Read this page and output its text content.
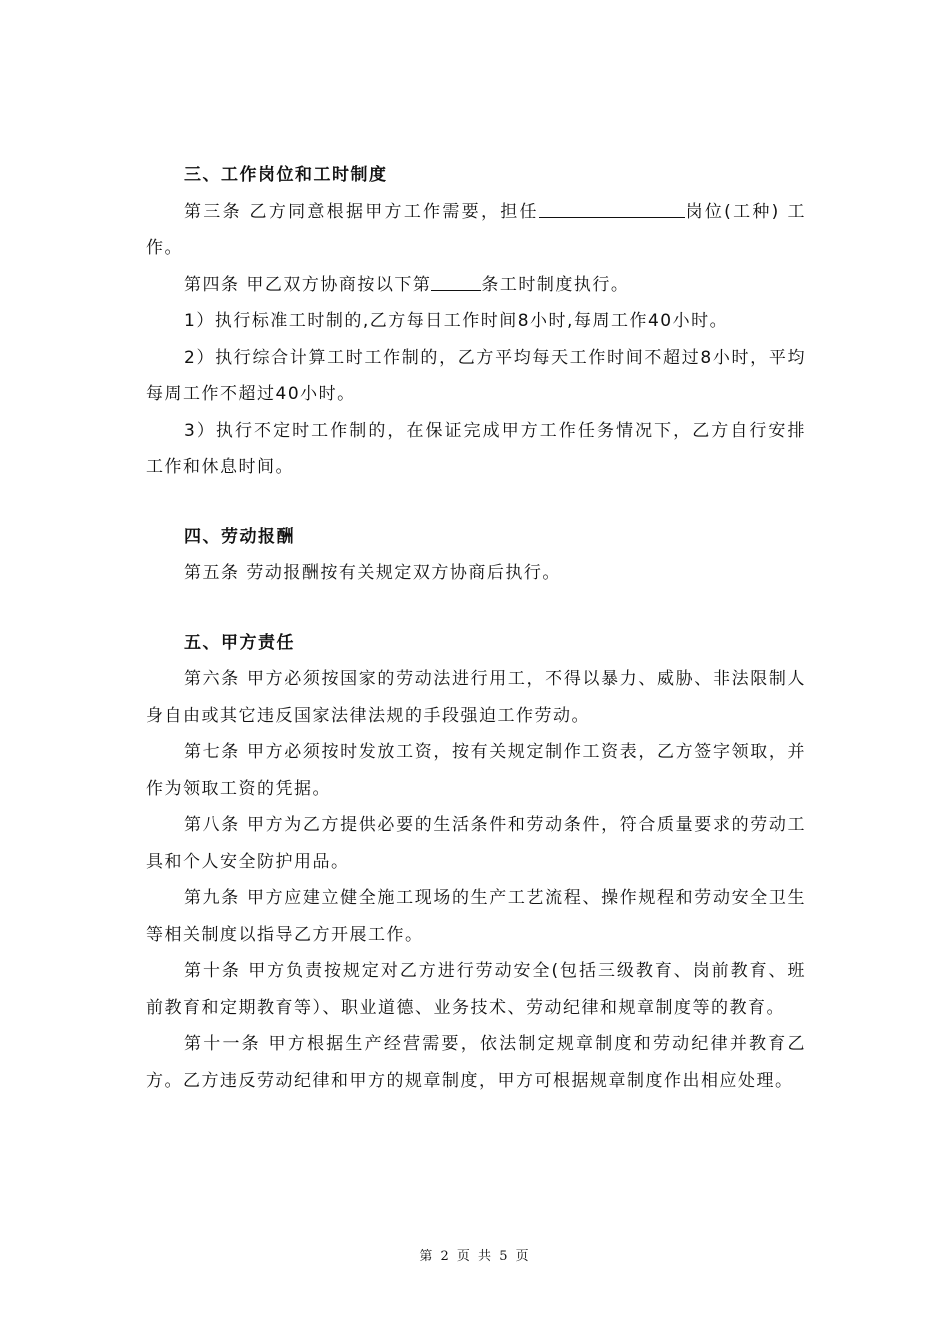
三、工作岗位和工时制度

第三条 乙方同意根据甲方工作需要，担任	岗位(工种) 工作。

第四条 甲乙双方协商按以下第	条工时制度执行。

1）执行标准工时制的,乙方每日工作时间8小时,每周工作40小时。

2）执行综合计算工时工作制的，乙方平均每天工作时间不超过8小时，平均每周工作不超过40小时。

3）执行不定时工作制的，在保证完成甲方工作任务情况下，乙方自行安排工作和休息时间。

四、劳动报酬

第五条 劳动报酬按有关规定双方协商后执行。

五、甲方责任

第六条 甲方必须按国家的劳动法进行用工，不得以暴力、威胁、非法限制人身自由或其它违反国家法律法规的手段强迫工作劳动。

第七条 甲方必须按时发放工资，按有关规定制作工资表，乙方签字领取，并作为领取工资的凭据。

第八条 甲方为乙方提供必要的生活条件和劳动条件，符合质量要求的劳动工具和个人安全防护用品。

第九条 甲方应建立健全施工现场的生产工艺流程、操作规程和劳动安全卫生等相关制度以指导乙方开展工作。

第十条 甲方负责按规定对乙方进行劳动安全(包括三级教育、岗前教育、班前教育和定期教育等）、职业道德、业务技术、劳动纪律和规章制度等的教育。

第十一条 甲方根据生产经营需要，依法制定规章制度和劳动纪律并教育乙方。乙方违反劳动纪律和甲方的规章制度，甲方可根据规章制度作出相应处理。

第 2 页 共 5 页
